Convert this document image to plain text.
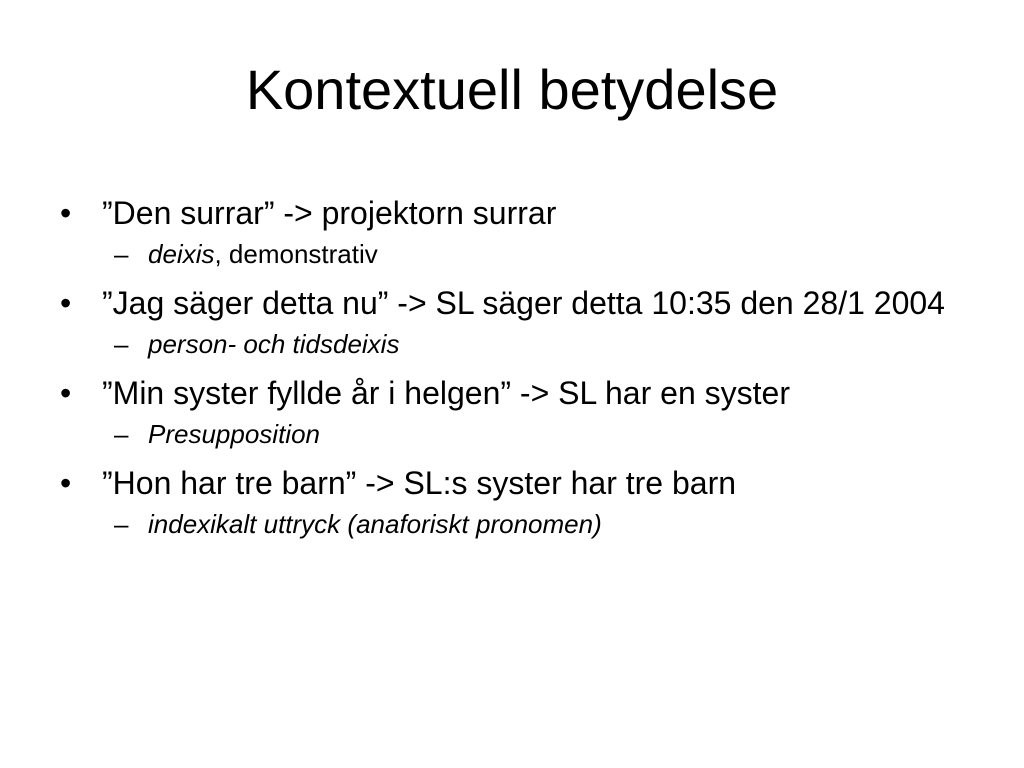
Kontextuell betydelse
• ”Den surrar” -> projektorn surrar
– deixis, demonstrativ
• ”Jag säger detta nu” -> SL säger detta 10:35 den 28/1 2004
– person- och tidsdeixis
• ”Min syster fyllde år i helgen” -> SL har en syster
– Presupposition
• ”Hon har tre barn” -> SL:s syster har tre barn
– indexikalt uttryck (anaforiskt pronomen)
